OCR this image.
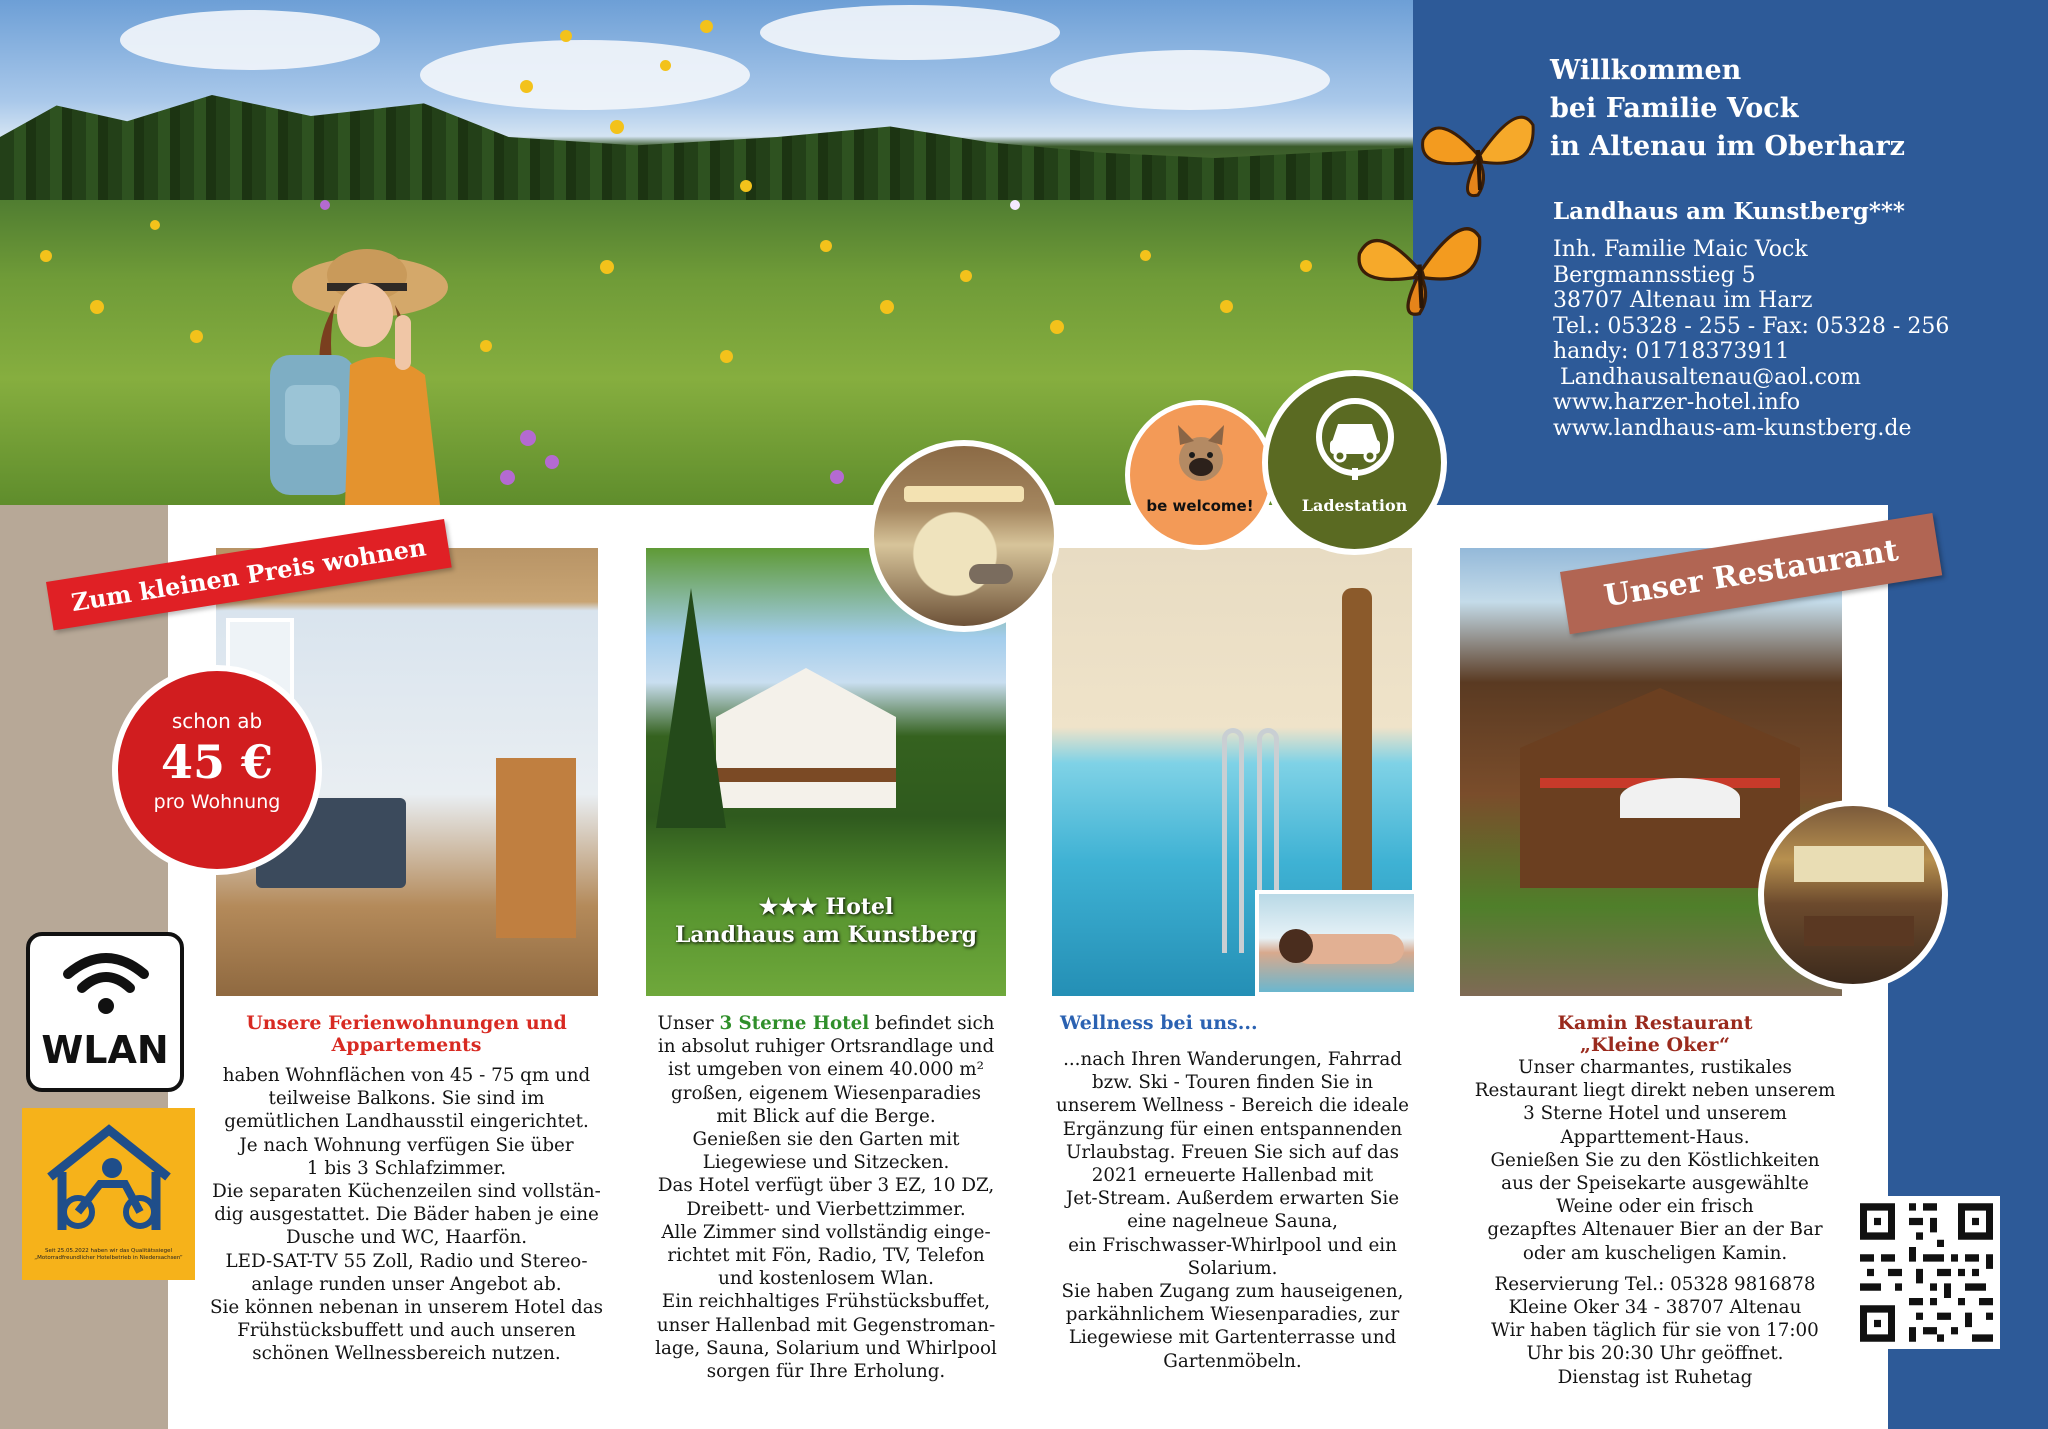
Willkommen
bei Familie Vock
in Altenau im Oberharz
Landhaus am Kunstberg***
Inh. Familie Maic Vock
Bergmannsstieg 5
38707 Altenau im Harz
Tel.: 05328 - 255 - Fax: 05328 - 256
handy: 01718373911
Landhausaltenau@aol.com
www.harzer-hotel.info
www.landhaus-am-kunstberg.de
★★★ Hotel
Landhaus am Kunstberg
be welcome!	Ladestation
Zum kleinen Preis wohnen	Unser Restaurant
schon ab
45 €
pro Wohnung
WLAN
Seit 25.05.2022 haben wir das Qualitätssiegel „Motorradfreundlicher Hotelbetrieb in Niedersachsen“
Unsere Ferienwohnungen und Appartements
haben Wohnflächen von 45 - 75 qm und
teilweise Balkons. Sie sind im
gemütlichen Landhausstil eingerichtet.
Je nach Wohnung verfügen Sie über
1 bis 3 Schlafzimmer.
Die separaten Küchenzeilen sind vollstän-
dig ausgestattet. Die Bäder haben je eine
Dusche und WC, Haarfön.
LED-SAT-TV 55 Zoll, Radio und Stereo-
anlage runden unser Angebot ab.
Sie können nebenan in unserem Hotel das
Frühstücksbuffett und auch unseren
schönen Wellnessbereich nutzen.
Unser 3 Sterne Hotel befindet sich
in absolut ruhiger Ortsrandlage und
ist umgeben von einem 40.000 m²
großen, eigenem Wiesenparadies
mit Blick auf die Berge.
Genießen sie den Garten mit
Liegewiese und Sitzecken.
Das Hotel verfügt über 3 EZ, 10 DZ,
Dreibett- und Vierbettzimmer.
Alle Zimmer sind vollständig einge-
richtet mit Fön, Radio, TV, Telefon
und kostenlosem Wlan.
Ein reichhaltiges Frühstücksbuffet,
unser Hallenbad mit Gegenstroman-
lage, Sauna, Solarium und Whirlpool
sorgen für Ihre Erholung.
Wellness bei uns...
...nach Ihren Wanderungen, Fahrrad
bzw. Ski - Touren finden Sie in
unserem Wellness - Bereich die ideale
Ergänzung für einen entspannenden
Urlaubstag. Freuen Sie sich auf das
2021 erneuerte Hallenbad mit
Jet-Stream. Außerdem erwarten Sie
eine nagelneue Sauna,
ein Frischwasser-Whirlpool und ein
Solarium.
Sie haben Zugang zum hauseigenen,
parkähnlichem Wiesenparadies, zur
Liegewiese mit Gartenterrasse und
Gartenmöbeln.
Kamin Restaurant
„Kleine Oker“
Unser charmantes, rustikales
Restaurant liegt direkt neben unserem
3 Sterne Hotel und unserem
Apparttement-Haus.
Genießen Sie zu den Köstlichkeiten
aus der Speisekarte ausgewählte
Weine oder ein frisch
gezapftes Altenauer Bier an der Bar
oder am kuscheligen Kamin.
Reservierung Tel.: 05328 9816878
Kleine Oker 34 - 38707 Altenau
Wir haben täglich für sie von 17:00
Uhr bis 20:30 Uhr geöffnet.
Dienstag ist Ruhetag
